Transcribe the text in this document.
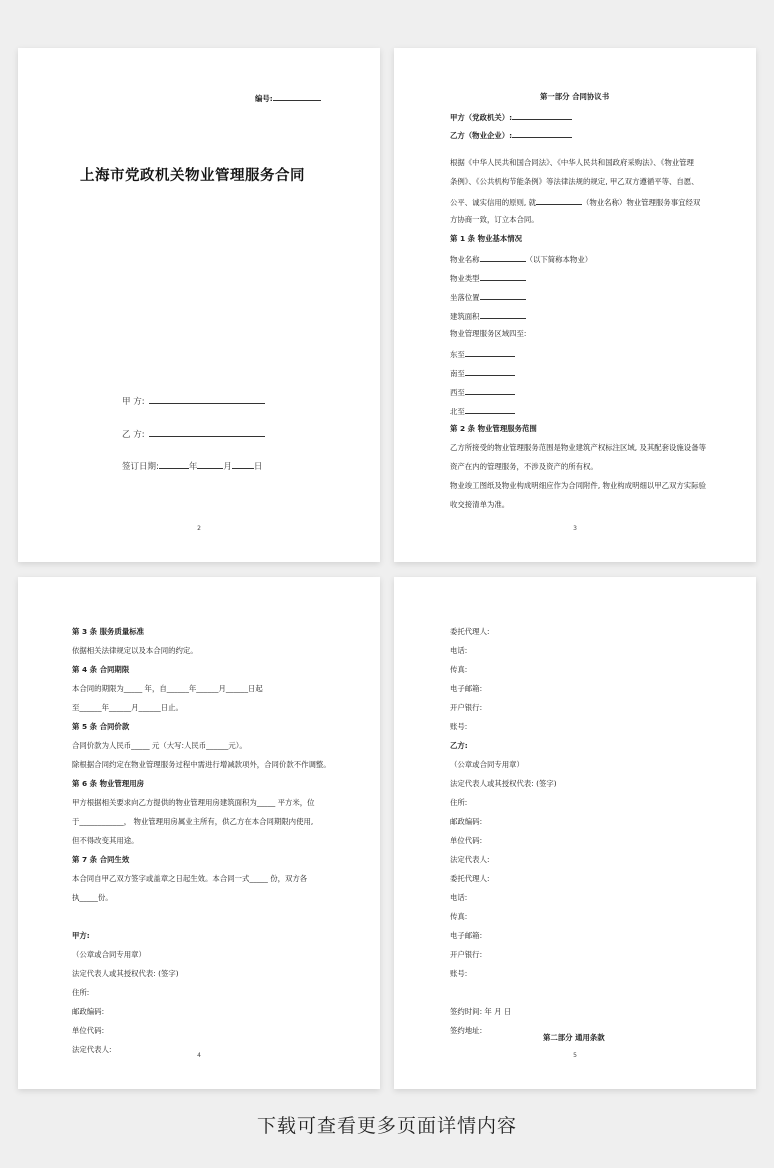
编号:
上海市党政机关物业管理服务合同
甲 方:
乙 方:
签订日期:	年	月	日
2
第一部分 合同协议书
甲方（党政机关）:
乙方（物业企业）:
根据《中华人民共和国合同法》、《中华人民共和国政府采购法》、《物业管理
条例》、《公共机构节能条例》等法律法规的规定, 甲乙双方遵循平等、自愿、
公平、诚实信用的原则, 就	（物业名称）物业管理服务事宜经双
方协商一致，订立本合同。
第 1 条 物业基本情况
物业名称	（以下简称本物业）
物业类型
坐落位置
建筑面积
物业管理服务区域四至:
东至
南至
西至
北至
第 2 条 物业管理服务范围
乙方所接受的物业管理服务范围是物业建筑产权标注区域, 及其配套设施设备等
资产在内的管理服务，不涉及资产的所有权。
物业竣工图纸及物业构成明细应作为合同附件, 物业构成明细以甲乙双方实际验
收交接清单为准。
3
第 3 条 服务质量标准
依据相关法律规定以及本合同的约定。
第 4 条 合同期限
本合同的期限为_____ 年，自______年______月______日起
至______年______月______日止。
第 5 条 合同价款
合同价款为人民币_____ 元（大写:人民币______元）。
除根据合同约定在物业管理服务过程中需进行增减款项外，合同价款不作调整。
第 6 条 物业管理用房
甲方根据相关要求向乙方提供的物业管理用房建筑面积为_____ 平方米，位
于____________， 物业管理用房属业主所有，供乙方在本合同期限内使用,
但不得改变其用途。
第 7 条 合同生效
本合同自甲乙双方签字或盖章之日起生效。本合同一式_____ 份，双方各
执_____份。
甲方:
（公章或合同专用章）
法定代表人或其授权代表: (签字)
住所:
邮政编码:
单位代码:
法定代表人:
4
委托代理人:
电话:
传真:
电子邮箱:
开户银行:
账号:
乙方:
（公章或合同专用章）
法定代表人或其授权代表: (签字)
住所:
邮政编码:
单位代码:
法定代表人:
委托代理人:
电话:
传真:
电子邮箱:
开户银行:
账号:
签约时间: 年 月 日
签约地址:
第二部分 通用条款
5
下载可查看更多页面详情内容
